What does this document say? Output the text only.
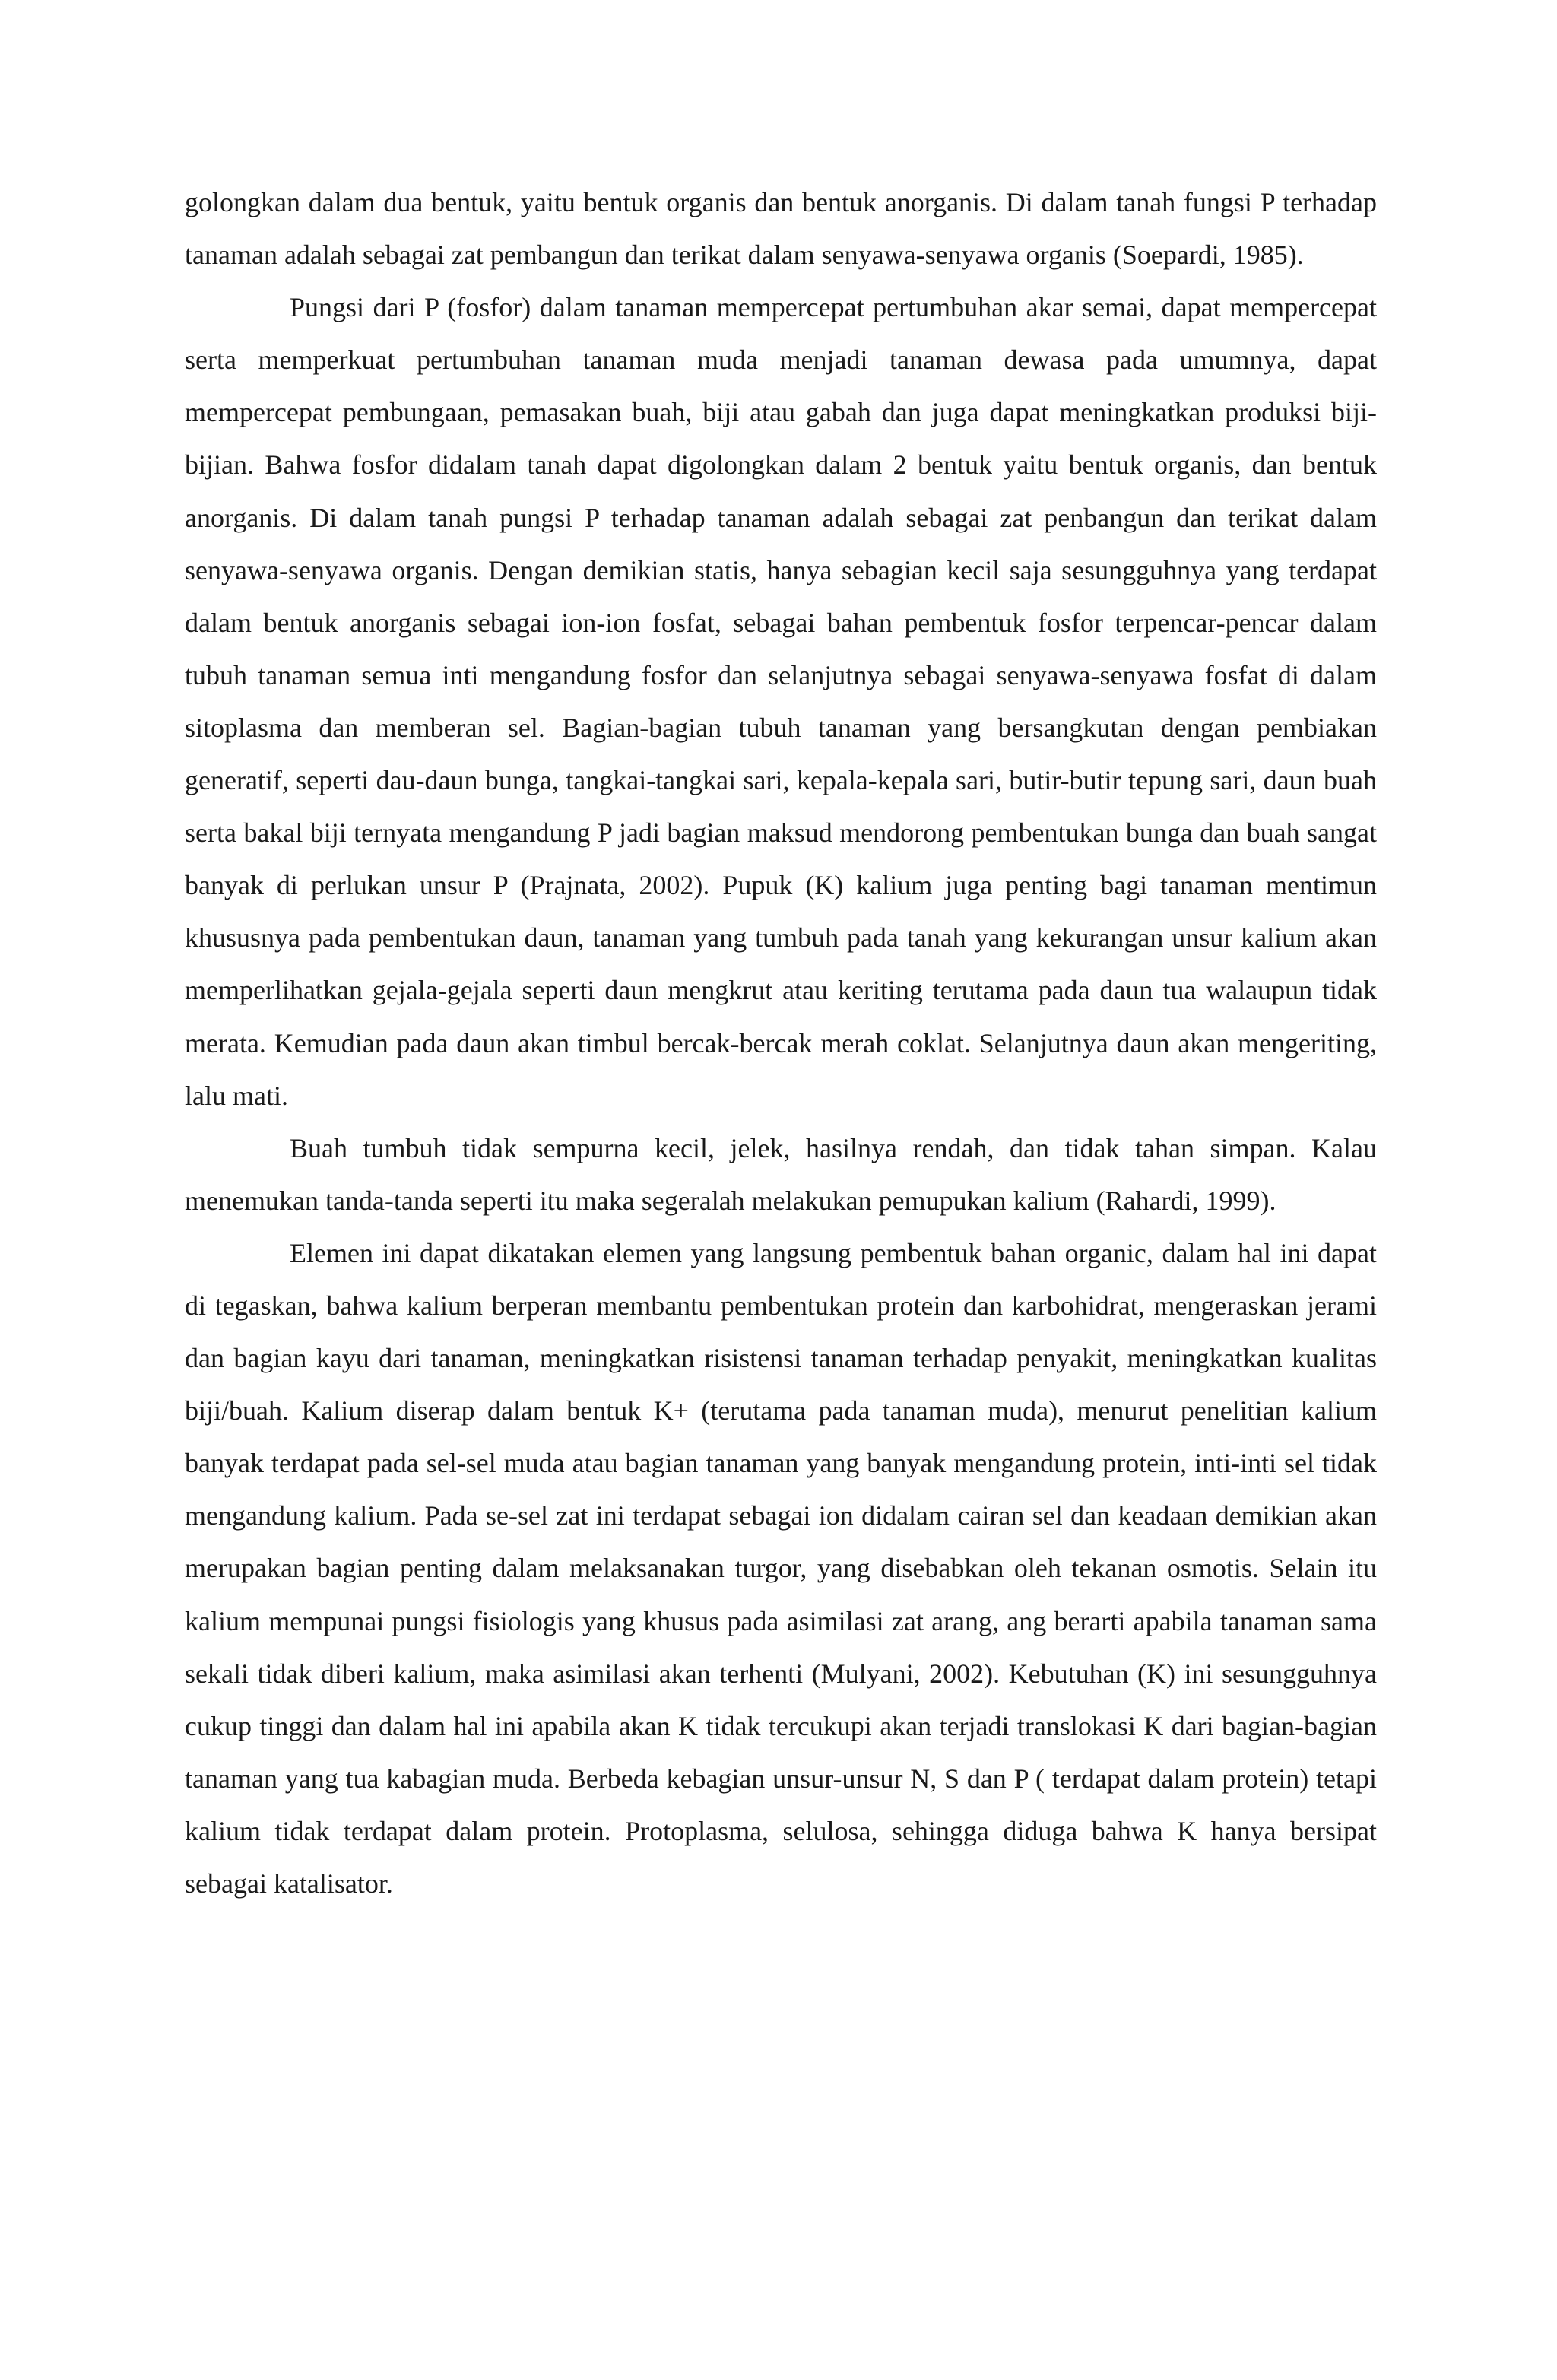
golongkan dalam dua bentuk, yaitu bentuk organis dan bentuk anorganis. Di dalam tanah fungsi P terhadap tanaman adalah sebagai zat pembangun dan terikat dalam senyawa-senyawa organis (Soepardi, 1985).

Pungsi dari P (fosfor) dalam tanaman mempercepat pertumbuhan akar semai, dapat mempercepat serta memperkuat pertumbuhan tanaman muda menjadi tanaman dewasa pada umumnya, dapat mempercepat pembungaan, pemasakan buah, biji atau gabah dan juga dapat meningkatkan produksi biji-bijian. Bahwa fosfor didalam tanah dapat digolongkan dalam 2 bentuk yaitu bentuk organis, dan bentuk anorganis. Di dalam tanah pungsi P terhadap tanaman adalah sebagai zat penbangun dan terikat dalam senyawa-senyawa organis. Dengan demikian statis, hanya sebagian kecil saja sesungguhnya yang terdapat dalam bentuk anorganis sebagai ion-ion fosfat, sebagai bahan pembentuk fosfor terpencar-pencar dalam tubuh tanaman semua inti mengandung fosfor dan selanjutnya sebagai senyawa-senyawa fosfat di dalam sitoplasma dan memberan sel. Bagian-bagian tubuh tanaman yang bersangkutan dengan pembiakan generatif, seperti dau-daun bunga, tangkai-tangkai sari, kepala-kepala sari, butir-butir tepung sari, daun buah serta bakal biji ternyata mengandung P jadi bagian maksud mendorong pembentukan bunga dan buah sangat banyak di perlukan unsur P (Prajnata, 2002). Pupuk (K) kalium juga penting bagi tanaman mentimun khususnya pada pembentukan daun, tanaman yang tumbuh pada tanah yang kekurangan unsur kalium akan memperlihatkan gejala-gejala seperti daun mengkrut atau keriting terutama pada daun tua walaupun tidak merata. Kemudian pada daun akan timbul bercak-bercak merah coklat. Selanjutnya daun akan mengeriting, lalu mati.

Buah tumbuh tidak sempurna kecil, jelek, hasilnya rendah, dan tidak tahan simpan. Kalau menemukan tanda-tanda seperti itu maka segeralah melakukan pemupukan kalium (Rahardi, 1999).

Elemen ini dapat dikatakan elemen yang langsung pembentuk bahan organic, dalam hal ini dapat di tegaskan, bahwa kalium berperan membantu pembentukan protein dan karbohidrat, mengeraskan jerami dan bagian kayu dari tanaman, meningkatkan risistensi tanaman terhadap penyakit, meningkatkan kualitas biji/buah. Kalium diserap dalam bentuk K+ (terutama pada tanaman muda), menurut penelitian kalium banyak terdapat pada sel-sel muda atau bagian tanaman yang banyak mengandung protein, inti-inti sel tidak mengandung kalium. Pada se-sel zat ini terdapat sebagai ion didalam cairan sel dan keadaan demikian akan merupakan bagian penting dalam melaksanakan turgor, yang disebabkan oleh tekanan osmotis. Selain itu kalium mempunai pungsi fisiologis yang khusus pada asimilasi zat arang, ang berarti apabila tanaman sama sekali tidak diberi kalium, maka asimilasi akan terhenti (Mulyani, 2002). Kebutuhan (K) ini sesungguhnya cukup tinggi dan dalam hal ini apabila akan K tidak tercukupi akan terjadi translokasi K dari bagian-bagian tanaman yang tua kabagian muda. Berbeda kebagian unsur-unsur N, S dan P ( terdapat dalam protein) tetapi kalium tidak terdapat dalam protein. Protoplasma, selulosa, sehingga diduga bahwa K hanya bersipat sebagai katalisator.
